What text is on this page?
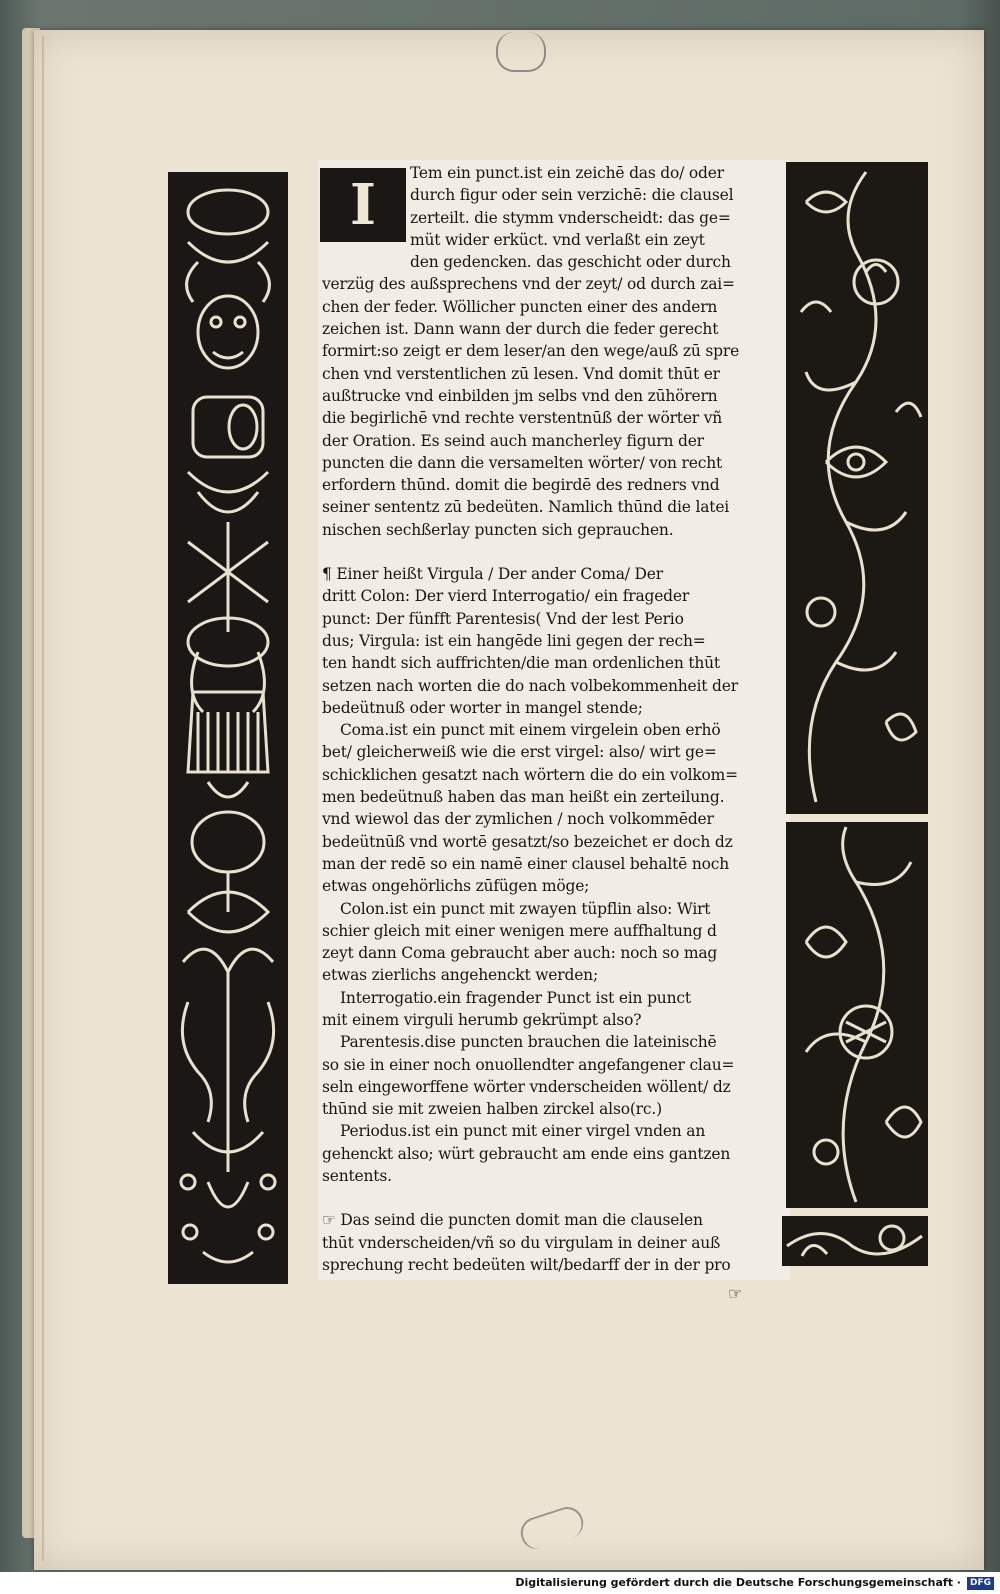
I	Tem ein punct.ist ein zeichē das do/ oder
durch figur oder sein verzichē: die clausel
zerteilt. die stymm vnderscheidt: das ge=
müt wider erküct. vnd verlaßt ein zeyt
den gedencken. das geschicht oder durch
verzüg des außsprechens vnd der zeyt/ od durch zai=
chen der feder. Wöllicher puncten einer des andern
zeichen ist. Dann wann der durch die feder gerecht
formirt:so zeigt er dem leser/an den wege/auß zū spre
chen vnd verstentlichen zū lesen. Vnd domit thūt er
außtrucke vnd einbilden jm selbs vnd den zūhörern
die begirlichē vnd rechte verstentnūß der wörter vñ
der Oration. Es seind auch mancherley figurn der
puncten die dann die versamelten wörter/ von recht
erfordern thūnd. domit die begirdē des redners vnd
seiner sententz zū bedeüten. Namlich thūnd die latei
nischen sechßerlay puncten sich geprauchen.
¶ Einer heißt Virgula / Der ander Coma/ Der
dritt Colon: Der vierd Interrogatio/ ein frageder
punct: Der fünfft Parentesis( Vnd der lest Perio
dus; Virgula: ist ein hangēde lini gegen der rech=
ten handt sich auffrichten/die man ordenlichen thūt
setzen nach worten die do nach volbekommenheit der
bedeütnuß oder worter in mangel stende;
Coma.ist ein punct mit einem virgelein oben erhö
bet/ gleicherweiß wie die erst virgel: also/ wirt ge=
schicklichen gesatzt nach wörtern die do ein volkom=
men bedeütnuß haben das man heißt ein zerteilung.
vnd wiewol das der zymlichen / noch volkommēder
bedeütnūß vnd wortē gesatzt/so bezeichet er doch dz
man der redē so ein namē einer clausel behaltē noch
etwas ongehörlichs zūfügen möge;
Colon.ist ein punct mit zwayen tüpflin also: Wirt
schier gleich mit einer wenigen mere auffhaltung d
zeyt dann Coma gebraucht aber auch: noch so mag
etwas zierlichs angehenckt werden;
Interrogatio.ein fragender Punct ist ein punct
mit einem virguli herumb gekrümpt also?
Parentesis.dise puncten brauchen die lateinischē
so sie in einer noch onuollendter angefangener clau=
seln eingeworffene wörter vnderscheiden wöllent/ dz
thūnd sie mit zweien halben zirckel also(rc.)
Periodus.ist ein punct mit einer virgel vnden an
gehenckt also; würt gebraucht am ende eins gantzen
sentents.
☞ Das seind die puncten domit man die clauselen
thūt vnderscheiden/vñ so du virgulam in deiner auß
sprechung recht bedeüten wilt/bedarff der in der pro
☞
Digitalisierung gefördert durch die Deutsche Forschungsgemeinschaft · DFG
